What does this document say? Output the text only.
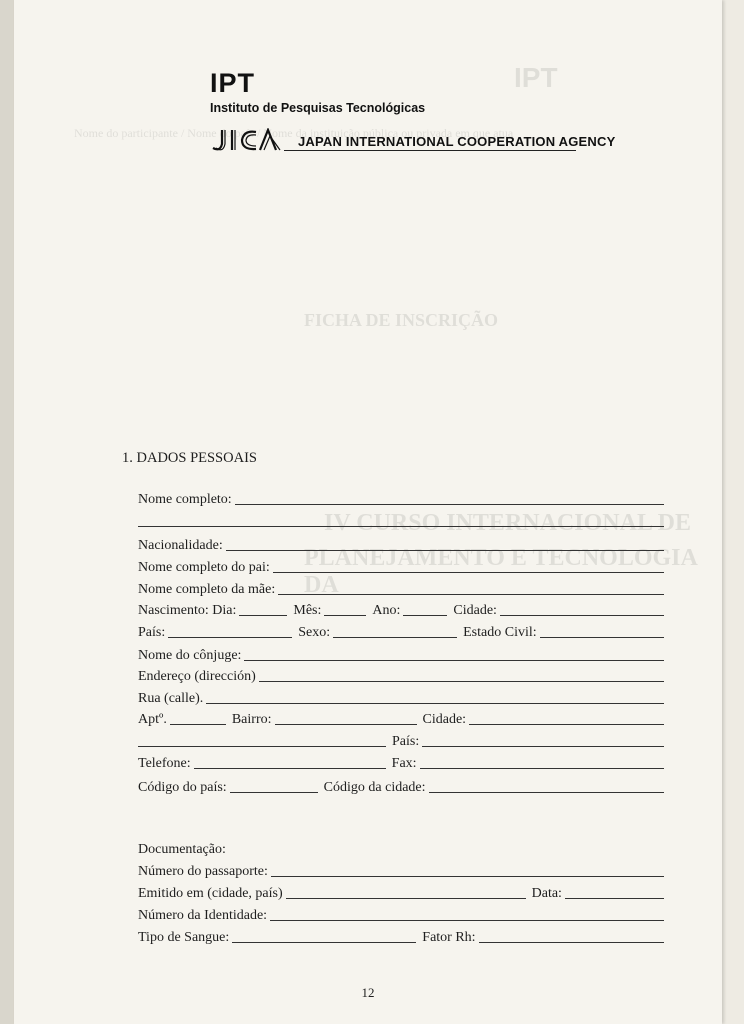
IPT
Nome do participante / Nome do país / Nome da instituição pública ou privada em que atua
FICHA DE INSCRIÇÃO
IV CURSO INTERNACIONAL DE
PLANEJAMENTO E TECNOLOGIA DA
IPT
Instituto de Pesquisas Tecnológicas
JAPAN INTERNATIONAL COOPERATION AGENCY
1. DADOS PESSOAIS
Nome completo:
Nacionalidade:
Nome completo do pai:
Nome completo da mãe:
Nascimento: Dia:	Mês:	Ano:	Cidade:
País:	Sexo:	Estado Civil:
Nome do cônjuge:
Endereço (dirección)
Rua (calle).
Aptº.	Bairro:	Cidade:
País:
Telefone:	Fax:
Código do país:	Código da cidade:
Documentação:
Número do passaporte:
Emitido em (cidade, país)	Data:
Número da Identidade:
Tipo de Sangue:	Fator Rh:
12
